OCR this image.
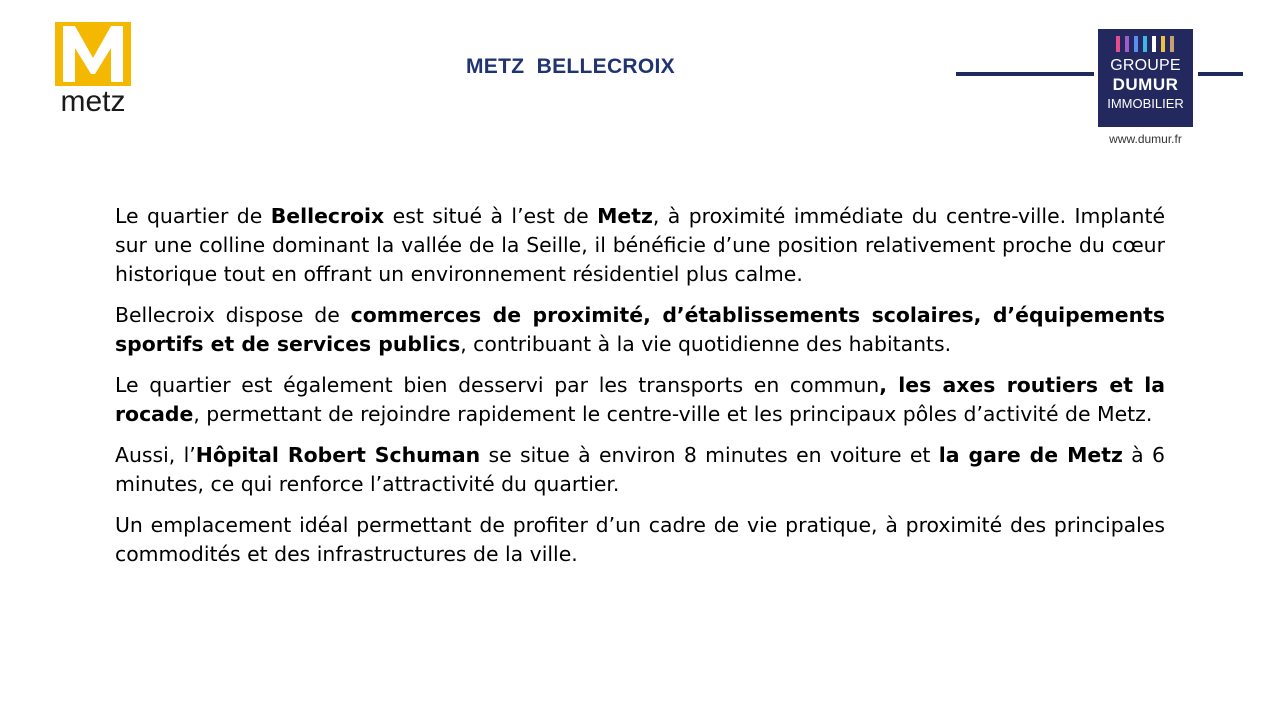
metz
METZ  BELLECROIX	GROUPE
DUMUR
IMMOBILIER
www.dumur.fr

Le quartier de Bellecroix est situé à l’est de Metz, à proximité immédiate du centre-ville. Implanté sur une colline dominant la vallée de la Seille, il bénéficie d’une position relativement proche du cœur historique tout en offrant un environnement résidentiel plus calme.

Bellecroix dispose de commerces de proximité, d’établissements scolaires, d’équipements sportifs et de services publics, contribuant à la vie quotidienne des habitants.

Le quartier est également bien desservi par les transports en commun, les axes routiers et la rocade, permettant de rejoindre rapidement le centre-ville et les principaux pôles d’activité de Metz.

Aussi, l’Hôpital Robert Schuman se situe à environ 8 minutes en voiture et la gare de Metz à 6 minutes, ce qui renforce l’attractivité du quartier.

Un emplacement idéal permettant de profiter d’un cadre de vie pratique, à proximité des principales commodités et des infrastructures de la ville.
